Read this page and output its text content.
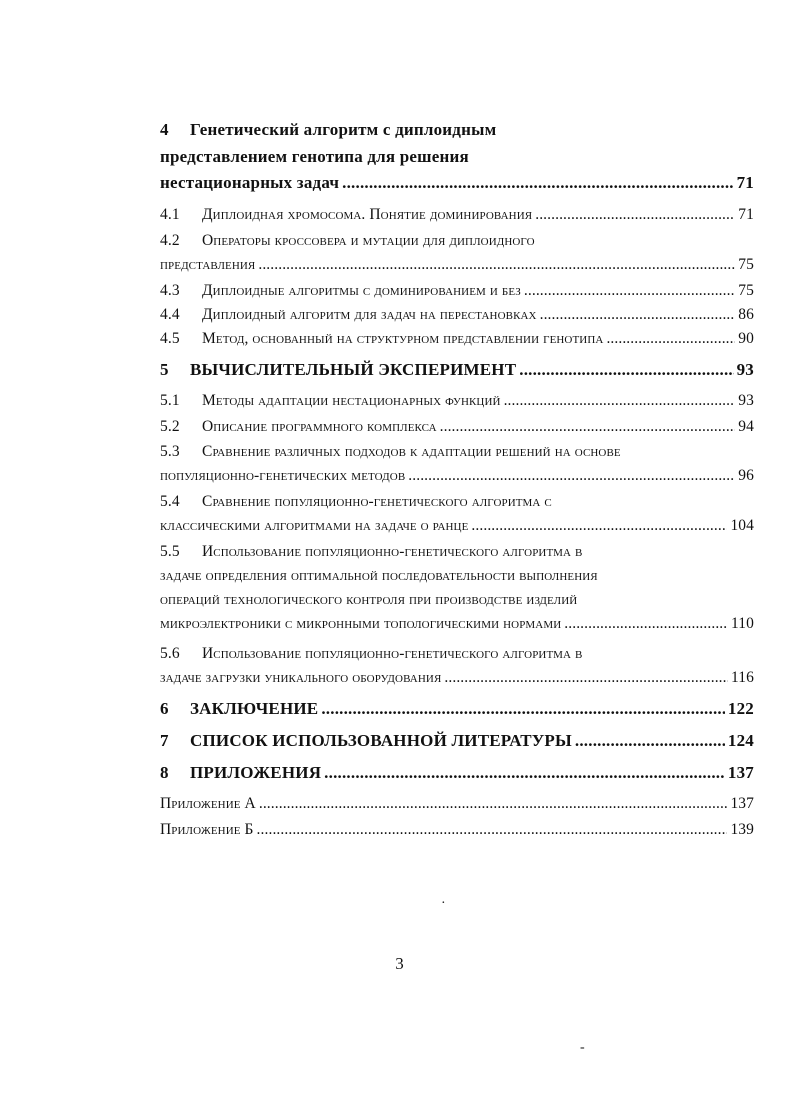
4	Генетический алгоритм с диплоидным
представлением генотипа для решения
нестационарных задач .....	71
4.1	Диплоидная хромосома. Понятие доминирования .....	71
4.2	Операторы кроссовера и мутации для диплоидного
представления .....	75
4.3	Диплоидные алгоритмы с доминированием и без .....	75
4.4	Диплоидный алгоритм для задач на перестановках .....	86
4.5	Метод, основанный на структурном представлении генотипа .....	90
5	ВЫЧИСЛИТЕЛЬНЫЙ ЭКСПЕРИМЕНТ .....	93
5.1	Методы адаптации нестационарных функций .....	93
5.2	Описание программного комплекса .....	94
5.3	Сравнение различных подходов к адаптации решений на основе
популяционно-генетических методов .....	96
5.4	Сравнение популяционно-генетического алгоритма с
классическими алгоритмами на задаче о ранце .....	104
5.5	Использование популяционно-генетического алгоритма в
задаче определения оптимальной последовательности выполнения
операций технологического контроля при производстве изделий
микроэлектроники с микронными топологическими нормами .....	110
5.6	Использование популяционно-генетического алгоритма в
задаче загрузки уникального оборудования .....	116
6	ЗАКЛЮЧЕНИЕ .....	122
7	СПИСОК ИСПОЛЬЗОВАННОЙ ЛИТЕРАТУРЫ .....	124
8	ПРИЛОЖЕНИЯ .....	137
Приложение А .....	137
Приложение Б .....	139
·
3
-
